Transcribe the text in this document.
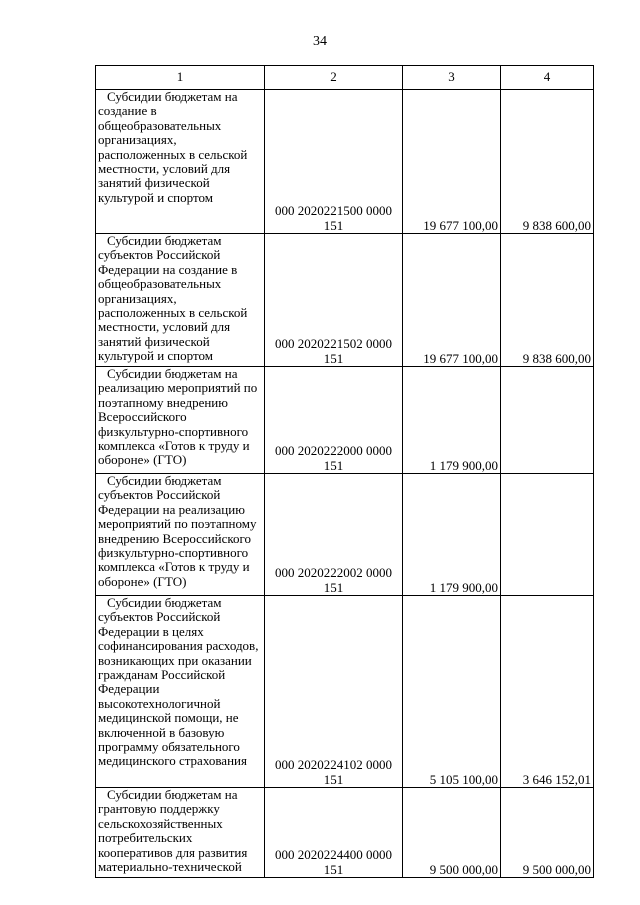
34
1	2	3	4

Субсидии бюджетам на создание в общеобразовательных организациях, расположенных в сельской местности, условий для занятий физической культурой и спортом	000 2020221500 0000 151	19 677 100,00	9 838 600,00

Субсидии бюджетам субъектов Российской Федерации на создание в общеобразовательных организациях, расположенных в сельской местности, условий для занятий физической культурой и спортом	000 2020221502 0000 151	19 677 100,00	9 838 600,00

Субсидии бюджетам на реализацию мероприятий по поэтапному внедрению Всероссийского физкультурно-спортивного комплекса «Готов к труду и обороне» (ГТО)	000 2020222000 0000 151	1 179 900,00	

Субсидии бюджетам субъектов Российской Федерации на реализацию мероприятий по поэтапному внедрению Всероссийского физкультурно-спортивного комплекса «Готов к труду и обороне» (ГТО)	000 2020222002 0000 151	1 179 900,00	

Субсидии бюджетам субъектов Российской Федерации в целях софинансирования расходов, возникающих при оказании гражданам Российской Федерации высокотехнологичной медицинской помощи, не включенной в базовую программу обязательного медицинского страхования	000 2020224102 0000 151	5 105 100,00	3 646 152,01

Субсидии бюджетам на грантовую поддержку сельскохозяйственных потребительских кооперативов для развития материально-технической	000 2020224400 0000 151	9 500 000,00	9 500 000,00
